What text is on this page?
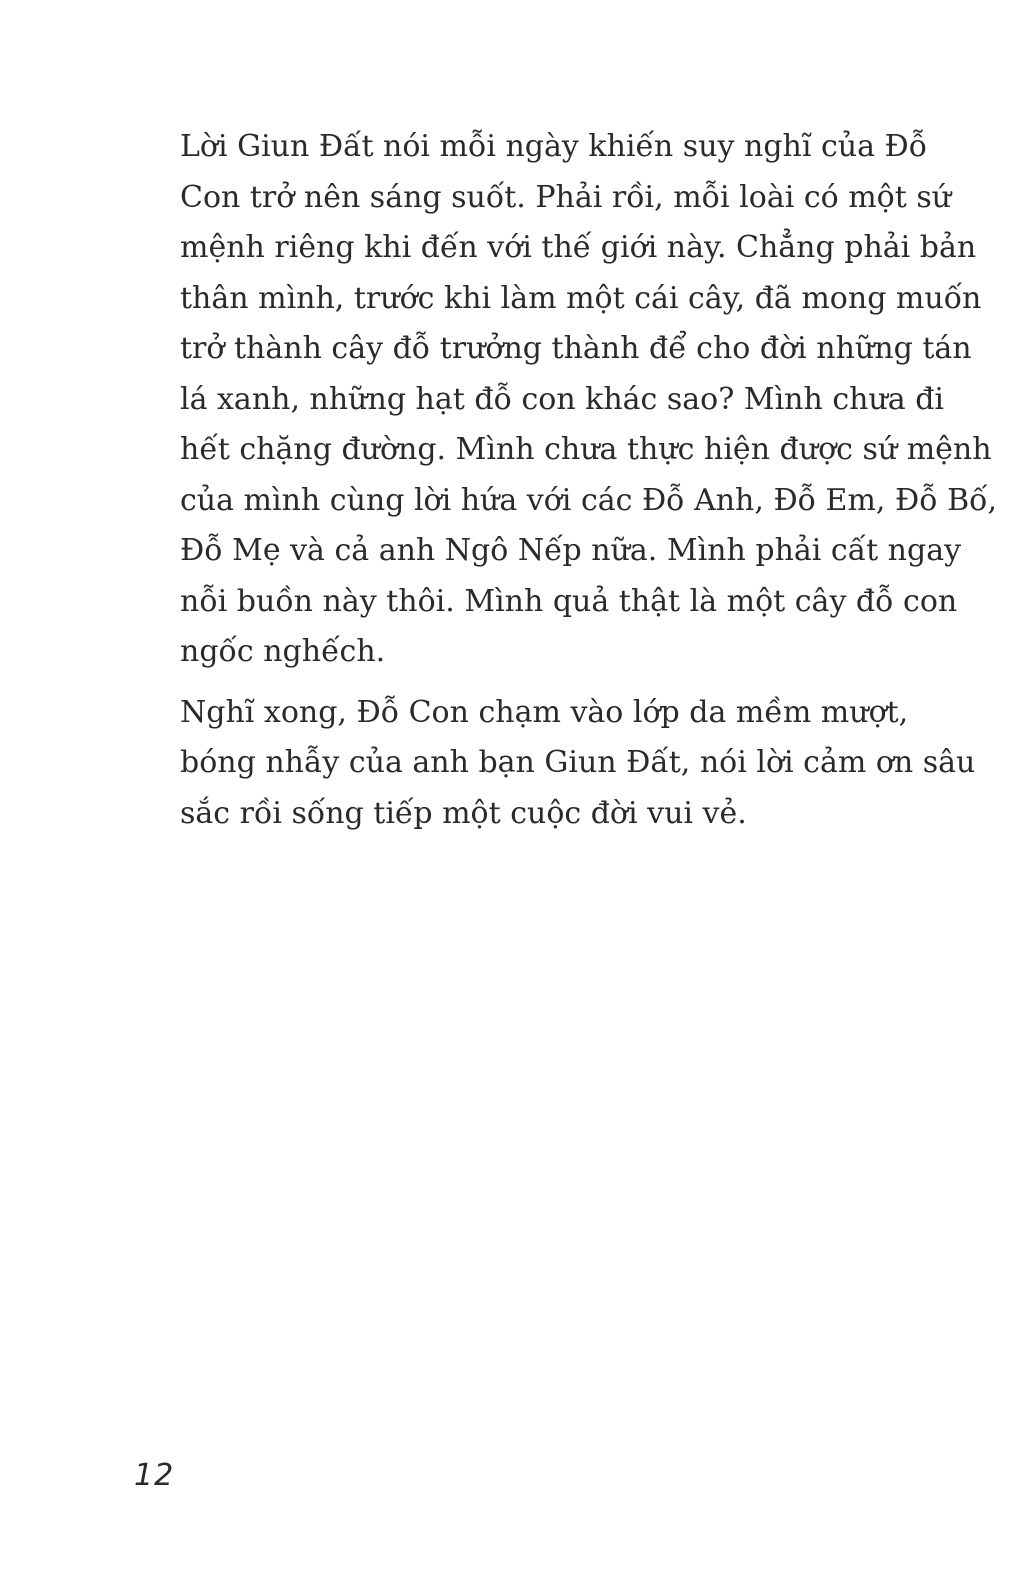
Lời Giun Đất nói mỗi ngày khiến suy nghĩ của Đỗ
Con trở nên sáng suốt. Phải rồi, mỗi loài có một sứ
mệnh riêng khi đến với thế giới này. Chẳng phải bản
thân mình, trước khi làm một cái cây, đã mong muốn
trở thành cây đỗ trưởng thành để cho đời những tán
lá xanh, những hạt đỗ con khác sao? Mình chưa đi
hết chặng đường. Mình chưa thực hiện được sứ mệnh
của mình cùng lời hứa với các Đỗ Anh, Đỗ Em, Đỗ Bố,
Đỗ Mẹ và cả anh Ngô Nếp nữa. Mình phải cất ngay
nỗi buồn này thôi. Mình quả thật là một cây đỗ con
ngốc nghếch.

Nghĩ xong, Đỗ Con chạm vào lớp da mềm mượt,
bóng nhẫy của anh bạn Giun Đất, nói lời cảm ơn sâu
sắc rồi sống tiếp một cuộc đời vui vẻ.

12
